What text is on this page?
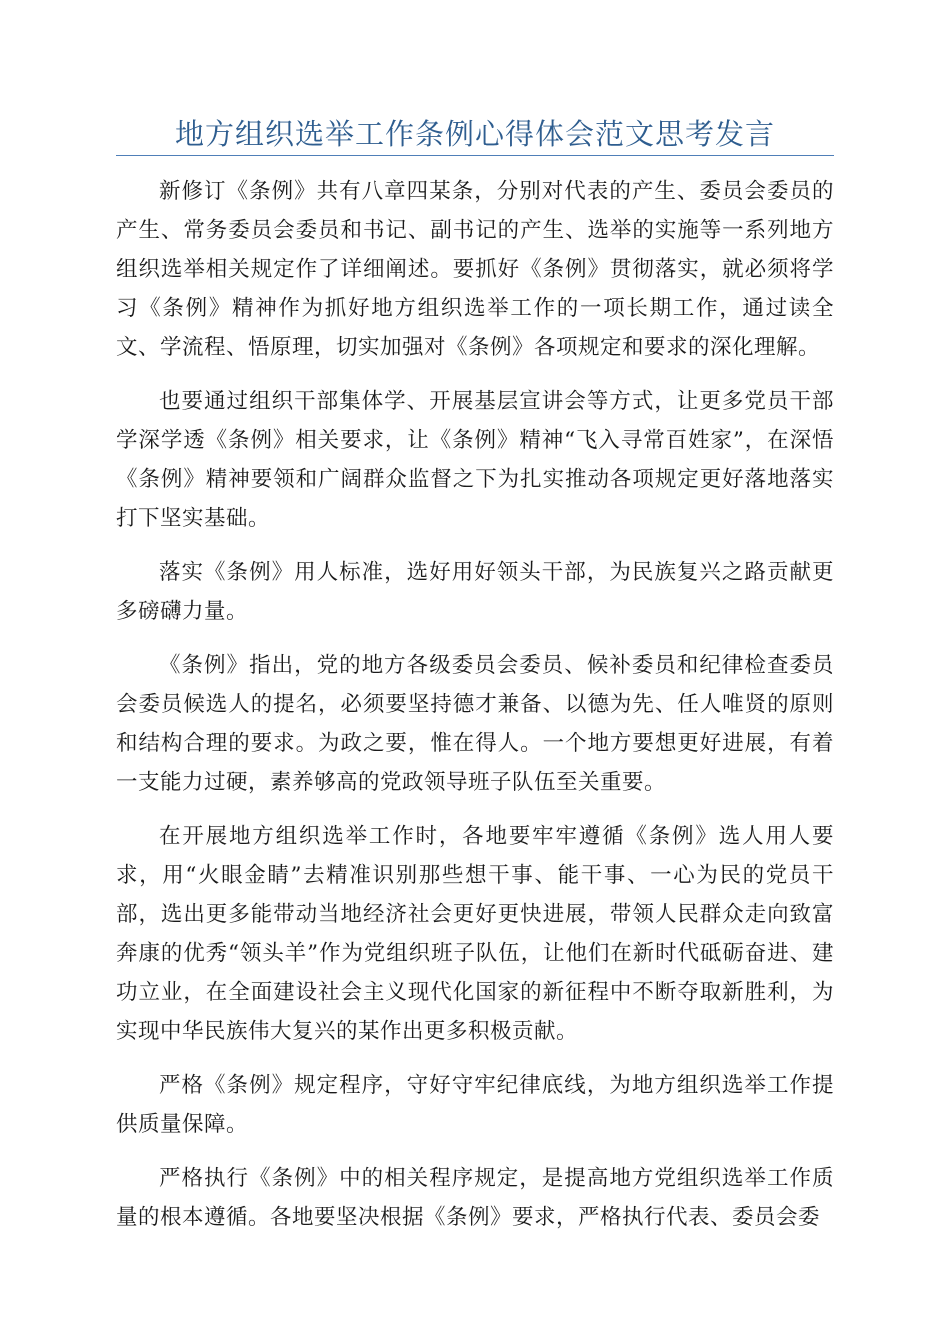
地方组织选举工作条例心得体会范文思考发言

新修订《条例》共有八章四某条，分别对代表的产生、委员会委员的产生、常务委员会委员和书记、副书记的产生、选举的实施等一系列地方组织选举相关规定作了详细阐述。要抓好《条例》贯彻落实，就必须将学习《条例》精神作为抓好地方组织选举工作的一项长期工作，通过读全文、学流程、悟原理，切实加强对《条例》各项规定和要求的深化理解。

也要通过组织干部集体学、开展基层宣讲会等方式，让更多党员干部学深学透《条例》相关要求，让《条例》精神“飞入寻常百姓家”，在深悟《条例》精神要领和广阔群众监督之下为扎实推动各项规定更好落地落实打下坚实基础。

落实《条例》用人标准，选好用好领头干部，为民族复兴之路贡献更多磅礴力量。

《条例》指出，党的地方各级委员会委员、候补委员和纪律检查委员会委员候选人的提名，必须要坚持德才兼备、以德为先、任人唯贤的原则和结构合理的要求。为政之要，惟在得人。一个地方要想更好进展，有着一支能力过硬，素养够高的党政领导班子队伍至关重要。

在开展地方组织选举工作时，各地要牢牢遵循《条例》选人用人要求，用“火眼金睛”去精准识别那些想干事、能干事、一心为民的党员干部，选出更多能带动当地经济社会更好更快进展，带领人民群众走向致富奔康的优秀“领头羊”作为党组织班子队伍，让他们在新时代砥砺奋进、建功立业，在全面建设社会主义现代化国家的新征程中不断夺取新胜利，为实现中华民族伟大复兴的某作出更多积极贡献。

严格《条例》规定程序，守好守牢纪律底线，为地方组织选举工作提供质量保障。

严格执行《条例》中的相关程序规定，是提高地方党组织选举工作质量的根本遵循。各地要坚决根据《条例》要求，严格执行代表、委员会委
